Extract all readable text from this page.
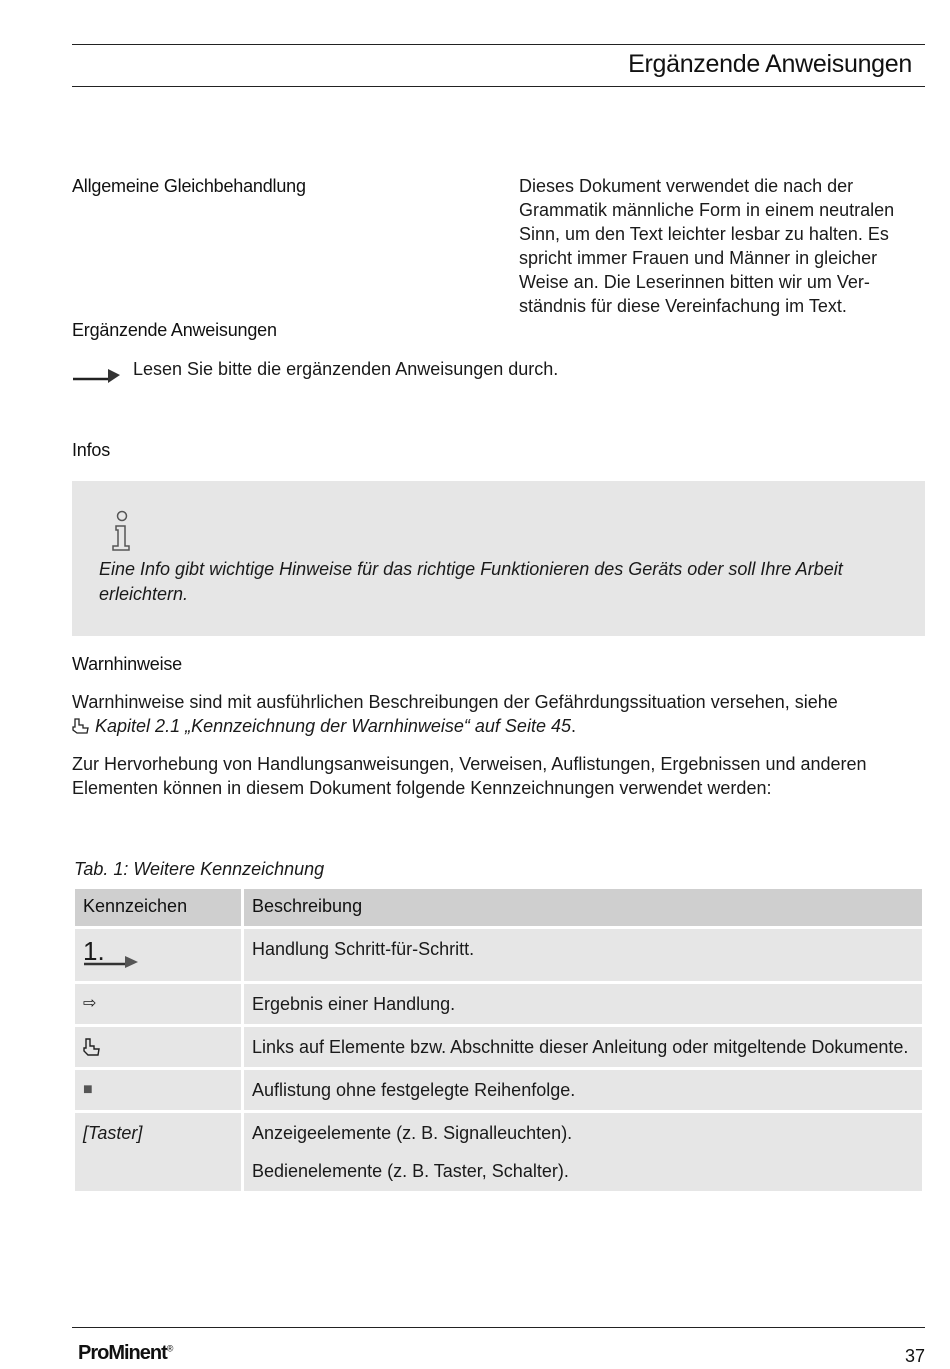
Ergänzende Anweisungen
Allgemeine Gleichbehandlung	Dieses Dokument verwendet die nach der Grammatik männliche Form in einem neutralen Sinn, um den Text leichter lesbar zu halten. Es spricht immer Frauen und Männer in gleicher Weise an. Die Leserinnen bitten wir um Verständnis für diese Vereinfachung im Text.
Ergänzende Anweisungen
Lesen Sie bitte die ergänzenden Anweisungen durch.
Infos
Eine Info gibt wichtige Hinweise für das richtige Funktionieren des Geräts oder soll Ihre Arbeit erleichtern.
Warnhinweise
Warnhinweise sind mit ausführlichen Beschreibungen der Gefährdungssituation versehen, siehe
Kapitel 2.1 „Kennzeichnung der Warnhinweise“ auf Seite 45.
Zur Hervorhebung von Handlungsanweisungen, Verweisen, Auflistungen, Ergebnissen und anderen Elementen können in diesem Dokument folgende Kennzeichnungen verwendet werden:
Tab. 1: Weitere Kennzeichnung
Kennzeichen	Beschreibung

1.	Handlung Schritt-für-Schritt.
⇨	Ergebnis einer Handlung.
	Links auf Elemente bzw. Abschnitte dieser Anleitung oder mitgeltende Dokumente.
■	Auflistung ohne festgelegte Reihenfolge.
[Taster]	Anzeigeelemente (z. B. Signalleuchten).
Bedienelemente (z. B. Taster, Schalter).
ProMinent®	37
